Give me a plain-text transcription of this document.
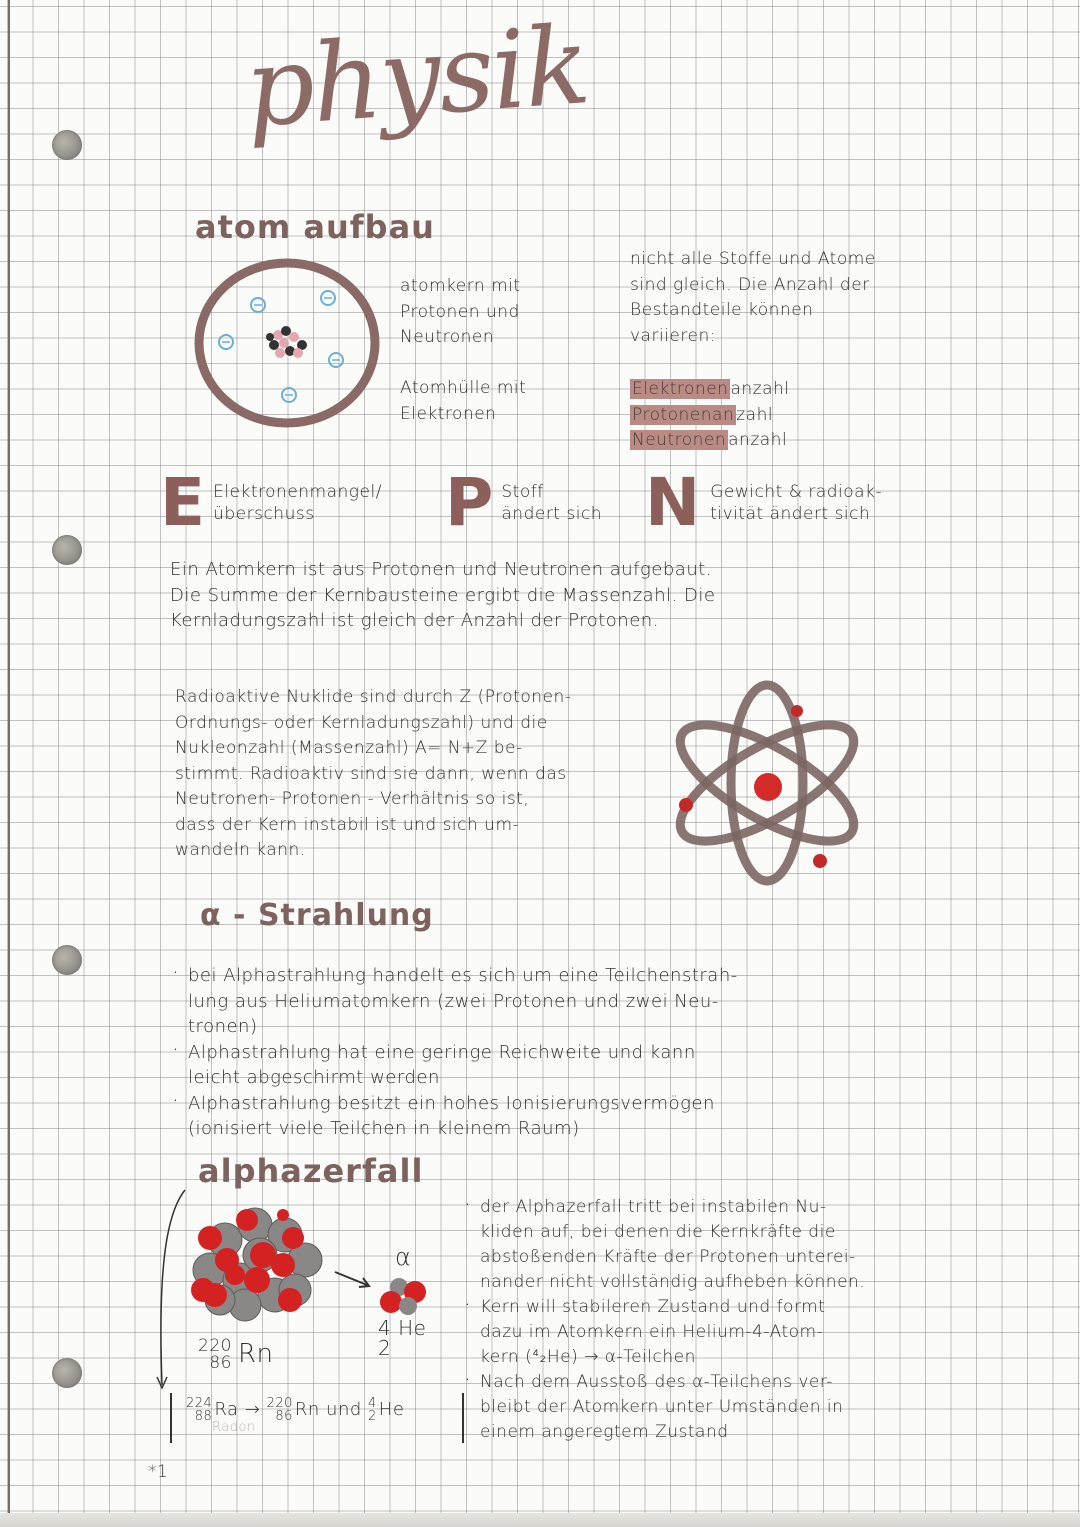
physik
atom aufbau
atomkern mit
Protonen und
Neutronen
Atomhülle mit
Elektronen
nicht alle Stoffe und Atome
sind gleich. Die Anzahl der
Bestandteile können
variieren:
Elektronen anzahl
Protonenan zahl
Neutronen anzahl
E Elektronenmangel/
überschuss	P Stoff
ändert sich N Gewicht & radioak-
tivität ändert sich
Ein Atomkern ist aus Protonen und Neutronen aufgebaut.
Die Summe der Kernbausteine ergibt die Massenzahl. Die
Kernladungszahl ist gleich der Anzahl der Protonen.
Radioaktive Nuklide sind durch Z (Protonen-
Ordnungs- oder Kernladungszahl) und die
Nukleonzahl (Massenzahl) A= N+Z be-
stimmt. Radioaktiv sind sie dann, wenn das
Neutronen- Protonen - Verhältnis so ist,
dass der Kern instabil ist und sich um-
wandeln kann.
α - Strahlung
· bei Alphastrahlung handelt es sich um eine Teilchenstrah-
lung aus Heliumatomkern (zwei Protonen und zwei Neu-
tronen)
· Alphastrahlung hat eine geringe Reichweite und kann
leicht abgeschirmt werden
· Alphastrahlung besitzt ein hohes Ionisierungsvermögen
(ionisiert viele Teilchen in kleinem Raum)
alphazerfall
α
4 He
2
220
86 Rn
224
88 Ra → 220
86 Rn und 4
2 He
Radon
· der Alphazerfall tritt bei instabilen Nu-
kliden auf, bei denen die Kernkräfte die
abstoßenden Kräfte der Protonen unterei-
nander nicht vollständig aufheben können.
· Kern will stabileren Zustand und formt
dazu im Atomkern ein Helium-4-Atom-
kern (⁴₂He) → α-Teilchen
· Nach dem Ausstoß des α-Teilchens ver-
bleibt der Atomkern unter Umständen in
einem angeregtem Zustand
*1
